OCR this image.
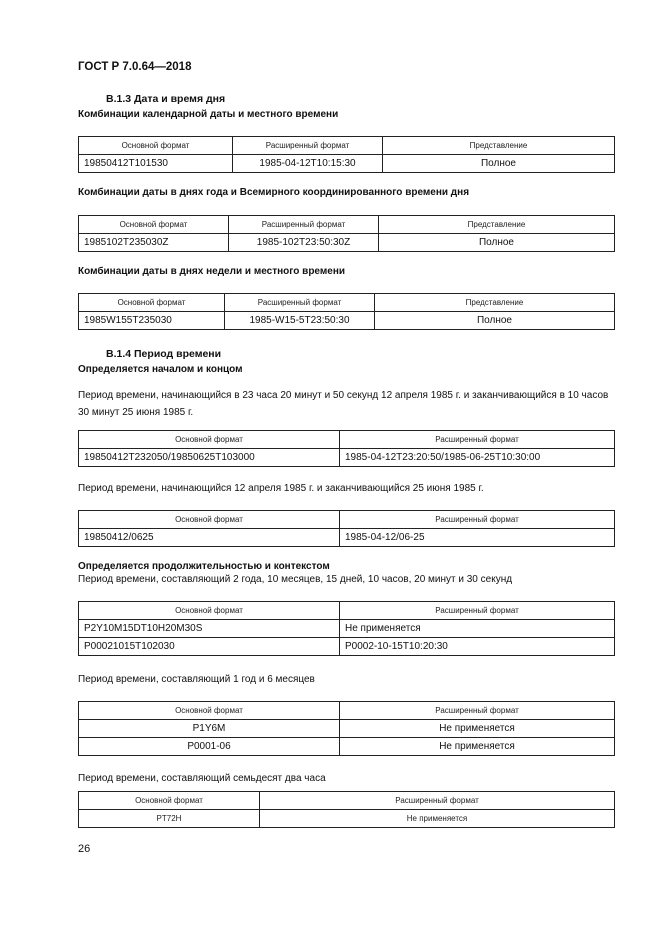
ГОСТ Р 7.0.64—2018
В.1.3 Дата и время дня
Комбинации календарной даты и местного времени
Основной формат	Расширенный формат	Представление
19850412T101530	1985-04-12T10:15:30	Полное
Комбинации даты в днях года и Всемирного координированного времени дня
Основной формат	Расширенный формат	Представление
1985102T235030Z	1985-102T23:50:30Z	Полное
Комбинации даты в днях недели и местного времени
Основной формат	Расширенный формат	Представление
1985W155T235030	1985-W15-5T23:50:30	Полное
В.1.4 Период времени
Определяется началом и концом
Период времени, начинающийся в 23 часа 20 минут и 50 секунд 12 апреля 1985 г. и заканчивающийся в 10 часов 30 минут 25 июня 1985 г.
Основной формат	Расширенный формат
19850412T232050/19850625T103000	1985-04-12T23:20:50/1985-06-25T10:30:00
Период времени, начинающийся 12 апреля 1985 г. и заканчивающийся 25 июня 1985 г.
Основной формат	Расширенный формат
19850412/0625	1985-04-12/06-25
Определяется продолжительностью и контекстом
Период времени, составляющий 2 года, 10 месяцев, 15 дней, 10 часов, 20 минут и 30 секунд
Основной формат	Расширенный формат
P2Y10M15DT10H20M30S	Не применяется
P00021015T102030	P0002-10-15T10:20:30
Период времени, составляющий 1 год и 6 месяцев
Основной формат	Расширенный формат
P1Y6M	Не применяется
P0001-06	Не применяется
Период времени, составляющий семьдесят два часа
Основной формат	Расширенный формат
PT72H	Не применяется
26
